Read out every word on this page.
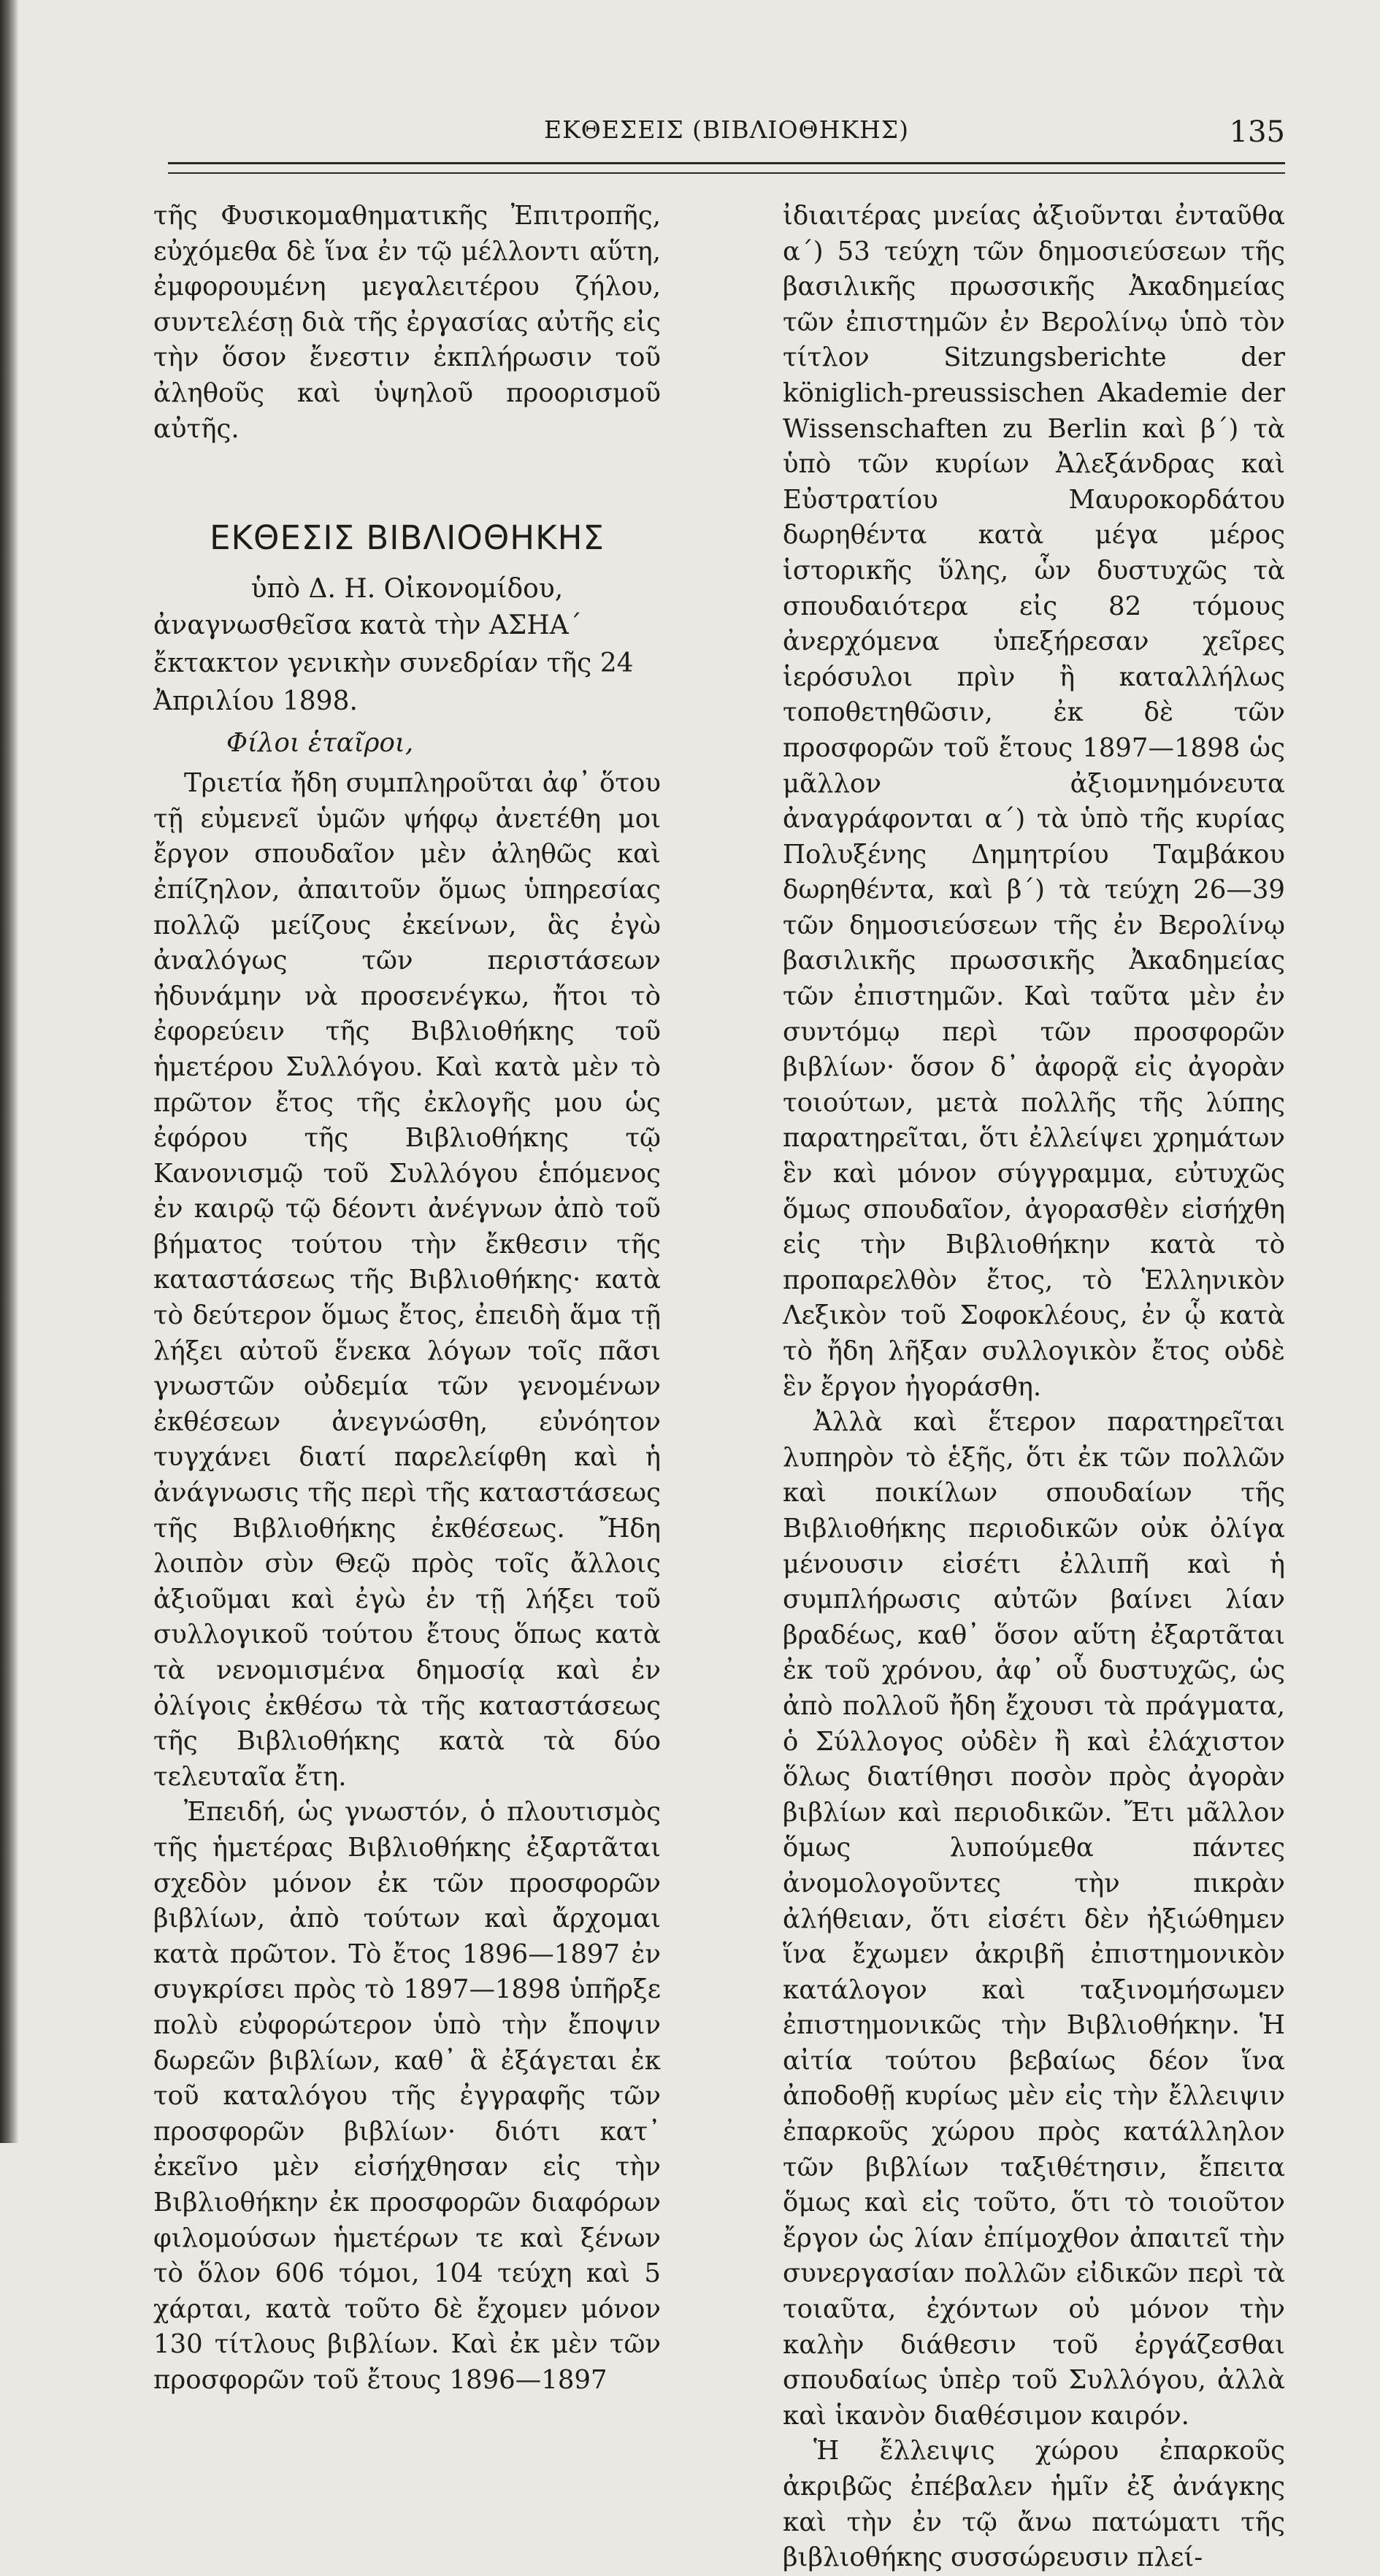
ΕΚΘΕΣΕΙΣ (ΒΙΒΛΙΟΘΗΚΗΣ)	135

τῆς Φυσικομαθηματικῆς Ἐπιτροπῆς, εὐχόμεθα δὲ ἵνα ἐν τῷ μέλλοντι αὕτη, ἐμφορουμένη μεγαλειτέρου ζήλου, συντελέσῃ διὰ τῆς ἐργασίας αὐτῆς εἰς τὴν ὅσον ἔνεστιν ἐκπλήρωσιν τοῦ ἀληθοῦς καὶ ὑψηλοῦ προορισμοῦ αὐτῆς.

ΕΚΘΕΣΙΣ ΒΙΒΛΙΟΘΗΚΗΣ

ὑπὸ Δ. Η. Οἰκονομίδου,

ἀναγνωσθεῖσα κατὰ τὴν ΑΣΗΑ΄ ἔκτακτον γενικὴν συνεδρίαν τῆς 24 Ἀπριλίου 1898.

Φίλοι ἑταῖροι,

Τριετία ἤδη συμπληροῦται ἀφ᾽ ὅτου τῇ εὐμενεῖ ὑμῶν ψήφῳ ἀνετέθη μοι ἔργον σπουδαῖον μὲν ἀληθῶς καὶ ἐπίζηλον, ἀπαιτοῦν ὅμως ὑπηρεσίας πολλῷ μείζους ἐκείνων, ἃς ἐγὼ ἀναλόγως τῶν περιστάσεων ἠδυνάμην νὰ προσενέγκω, ἤτοι τὸ ἐφορεύειν τῆς Βιβλιοθήκης τοῦ ἡμετέρου Συλλόγου. Καὶ κατὰ μὲν τὸ πρῶτον ἔτος τῆς ἐκλογῆς μου ὡς ἐφόρου τῆς Βιβλιοθήκης τῷ Κανονισμῷ τοῦ Συλλόγου ἑπόμενος ἐν καιρῷ τῷ δέοντι ἀνέγνων ἀπὸ τοῦ βήματος τούτου τὴν ἔκθεσιν τῆς καταστάσεως τῆς Βιβλιοθήκης· κατὰ τὸ δεύτερον ὅμως ἔτος, ἐπειδὴ ἅμα τῇ λήξει αὐτοῦ ἕνεκα λόγων τοῖς πᾶσι γνωστῶν οὐδεμία τῶν γενομένων ἐκθέσεων ἀνεγνώσθη, εὐνόητον τυγχάνει διατί παρελείφθη καὶ ἡ ἀνάγνωσις τῆς περὶ τῆς καταστάσεως τῆς Βιβλιοθήκης ἐκθέσεως. Ἤδη λοιπὸν σὺν Θεῷ πρὸς τοῖς ἄλλοις ἀξιοῦμαι καὶ ἐγὼ ἐν τῇ λήξει τοῦ συλλογικοῦ τούτου ἔτους ὅπως κατὰ τὰ νενομισμένα δημοσίᾳ καὶ ἐν ὀλίγοις ἐκθέσω τὰ τῆς καταστάσεως τῆς Βιβλιοθήκης κατὰ τὰ δύο τελευταῖα ἔτη.

Ἐπειδή, ὡς γνωστόν, ὁ πλουτισμὸς τῆς ἡμετέρας Βιβλιοθήκης ἐξαρτᾶται σχεδὸν μόνον ἐκ τῶν προσφορῶν βιβλίων, ἀπὸ τούτων καὶ ἄρχομαι κατὰ πρῶτον. Τὸ ἔτος 1896—1897 ἐν συγκρίσει πρὸς τὸ 1897—1898 ὑπῆρξε πολὺ εὐφορώτερον ὑπὸ τὴν ἔποψιν δωρεῶν βιβλίων, καθ᾽ ἃ ἐξάγεται ἐκ τοῦ καταλόγου τῆς ἐγγραφῆς τῶν προσφορῶν βιβλίων· διότι κατ᾽ ἐκεῖνο μὲν εἰσήχθησαν εἰς τὴν Βιβλιοθήκην ἐκ προσφορῶν διαφόρων φιλομούσων ἡμετέρων τε καὶ ξένων τὸ ὅλον 606 τόμοι, 104 τεύχη καὶ 5 χάρται, κατὰ τοῦτο δὲ ἔχομεν μόνον 130 τίτλους βιβλίων. Καὶ ἐκ μὲν τῶν προσφορῶν τοῦ ἔτους 1896—1897

ἰδιαιτέρας μνείας ἀξιοῦνται ἐνταῦθα α΄) 53 τεύχη τῶν δημοσιεύσεων τῆς βασιλικῆς πρωσσικῆς Ἀκαδημείας τῶν ἐπιστημῶν ἐν Βερολίνῳ ὑπὸ τὸν τίτλον Sitzungsberichte der königlich-preussischen Akademie der Wissenschaften zu Berlin καὶ β΄) τὰ ὑπὸ τῶν κυρίων Ἀλεξάνδρας καὶ Εὐστρατίου Μαυροκορδάτου δωρηθέντα κατὰ μέγα μέρος ἱστορικῆς ὕλης, ὧν δυστυχῶς τὰ σπουδαιότερα εἰς 82 τόμους ἀνερχόμενα ὑπεξήρεσαν χεῖρες ἱερόσυλοι πρὶν ἢ καταλλήλως τοποθετηθῶσιν, ἐκ δὲ τῶν προσφορῶν τοῦ ἔτους 1897—1898 ὡς μᾶλλον ἀξιομνημόνευτα ἀναγράφονται α΄) τὰ ὑπὸ τῆς κυρίας Πολυξένης Δημητρίου Ταμβάκου δωρηθέντα, καὶ β΄) τὰ τεύχη 26—39 τῶν δημοσιεύσεων τῆς ἐν Βερολίνῳ βασιλικῆς πρωσσικῆς Ἀκαδημείας τῶν ἐπιστημῶν. Καὶ ταῦτα μὲν ἐν συντόμῳ περὶ τῶν προσφορῶν βιβλίων· ὅσον δ᾽ ἀφορᾷ εἰς ἀγορὰν τοιούτων, μετὰ πολλῆς τῆς λύπης παρατηρεῖται, ὅτι ἐλλείψει χρημάτων ἓν καὶ μόνον σύγγραμμα, εὐτυχῶς ὅμως σπουδαῖον, ἀγορασθὲν εἰσήχθη εἰς τὴν Βιβλιοθήκην κατὰ τὸ προπαρελθὸν ἔτος, τὸ Ἑλληνικὸν Λεξικὸν τοῦ Σοφοκλέους, ἐν ᾧ κατὰ τὸ ἤδη λῆξαν συλλογικὸν ἔτος οὐδὲ ἓν ἔργον ἠγοράσθη.

Ἀλλὰ καὶ ἕτερον παρατηρεῖται λυπηρὸν τὸ ἑξῆς, ὅτι ἐκ τῶν πολλῶν καὶ ποικίλων σπουδαίων τῆς Βιβλιοθήκης περιοδικῶν οὐκ ὀλίγα μένουσιν εἰσέτι ἐλλιπῆ καὶ ἡ συμπλήρωσις αὐτῶν βαίνει λίαν βραδέως, καθ᾽ ὅσον αὕτη ἐξαρτᾶται ἐκ τοῦ χρόνου, ἀφ᾽ οὗ δυστυχῶς, ὡς ἀπὸ πολλοῦ ἤδη ἔχουσι τὰ πράγματα, ὁ Σύλλογος οὐδὲν ἢ καὶ ἐλάχιστον ὅλως διατίθησι ποσὸν πρὸς ἀγορὰν βιβλίων καὶ περιοδικῶν. Ἔτι μᾶλλον ὅμως λυπούμεθα πάντες ἀνομολογοῦντες τὴν πικρὰν ἀλήθειαν, ὅτι εἰσέτι δὲν ἠξιώθημεν ἵνα ἔχωμεν ἀκριβῆ ἐπιστημονικὸν κατάλογον καὶ ταξινομήσωμεν ἐπιστημονικῶς τὴν Βιβλιοθήκην. Ἡ αἰτία τούτου βεβαίως δέον ἵνα ἀποδοθῇ κυρίως μὲν εἰς τὴν ἔλλειψιν ἐπαρκοῦς χώρου πρὸς κατάλληλον τῶν βιβλίων ταξιθέτησιν, ἔπειτα ὅμως καὶ εἰς τοῦτο, ὅτι τὸ τοιοῦτον ἔργον ὡς λίαν ἐπίμοχθον ἀπαιτεῖ τὴν συνεργασίαν πολλῶν εἰδικῶν περὶ τὰ τοιαῦτα, ἐχόντων οὐ μόνον τὴν καλὴν διάθεσιν τοῦ ἐργάζεσθαι σπουδαίως ὑπὲρ τοῦ Συλλόγου, ἀλλὰ καὶ ἱκανὸν διαθέσιμον καιρόν.

Ἡ ἔλλειψις χώρου ἐπαρκοῦς ἀκριβῶς ἐπέβαλεν ἡμῖν ἐξ ἀνάγκης καὶ τὴν ἐν τῷ ἄνω πατώματι τῆς βιβλιοθήκης συσσώρευσιν πλεί-
